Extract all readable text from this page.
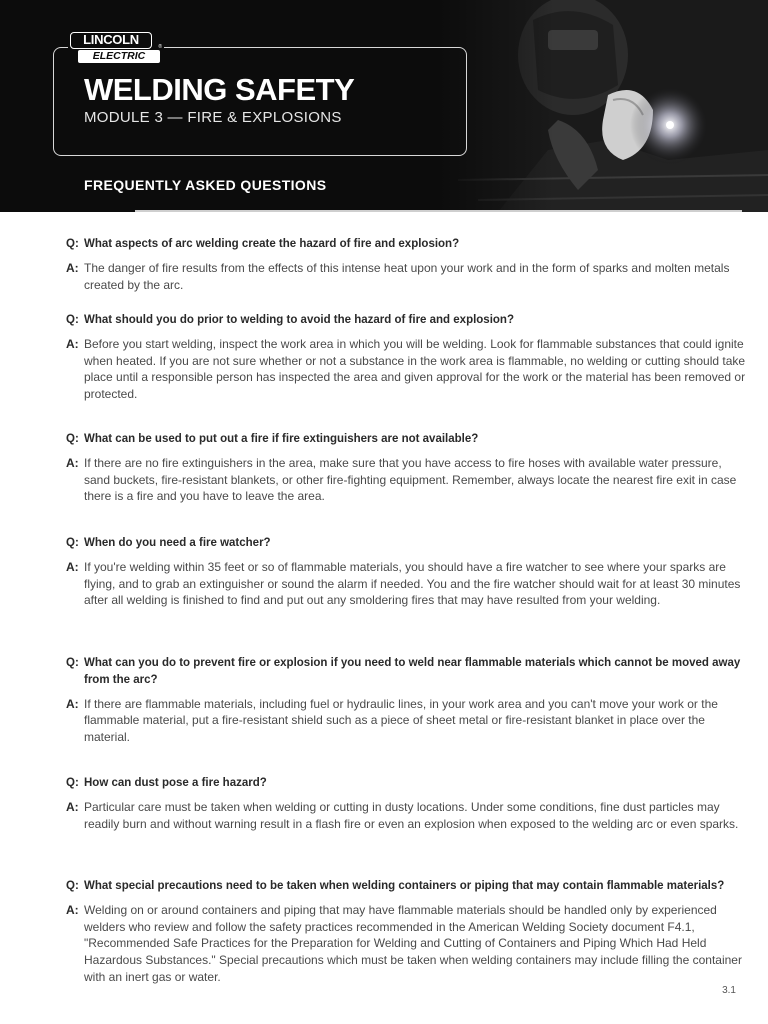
LINCOLN
ELECTRIC
®
WELDING SAFETY
MODULE 3 — FIRE & EXPLOSIONS
FREQUENTLY ASKED QUESTIONS
Q: What aspects of arc welding create the hazard of fire and explosion?
A: The danger of fire results from the effects of this intense heat upon your work and in the form of sparks and molten metals created by the arc.
Q: What should you do prior to welding to avoid the hazard of fire and explosion?
A: Before you start welding, inspect the work area in which you will be welding. Look for flammable substances that could ignite when heated. If you are not sure whether or not a substance in the work area is flammable, no welding or cutting should take place until a responsible person has inspected the area and given approval for the work or the material has been removed or protected.
Q: What can be used to put out a fire if fire extinguishers are not available?
A: If there are no fire extinguishers in the area, make sure that you have access to fire hoses with available water pressure, sand buckets, fire-resistant blankets, or other fire-fighting equipment. Remember, always locate the nearest fire exit in case there is a fire and you have to leave the area.
Q: When do you need a fire watcher?
A: If you're welding within 35 feet or so of flammable materials, you should have a fire watcher to see where your sparks are flying, and to grab an extinguisher or sound the alarm if needed. You and the fire watcher should wait for at least 30 minutes after all welding is finished to find and put out any smoldering fires that may have resulted from your welding.
Q: What can you do to prevent fire or explosion if you need to weld near flammable materials which cannot be moved away from the arc?
A: If there are flammable materials, including fuel or hydraulic lines, in your work area and you can't move your work or the flammable material, put a fire-resistant shield such as a piece of sheet metal or fire-resistant blanket in place over the material.
Q: How can dust pose a fire hazard?
A: Particular care must be taken when welding or cutting in dusty locations. Under some conditions, fine dust particles may readily burn and without warning result in a flash fire or even an explosion when exposed to the welding arc or even sparks.
Q: What special precautions need to be taken when welding containers or piping that may contain flammable materials?
A: Welding on or around containers and piping that may have flammable materials should be handled only by experienced welders who review and follow the safety practices recommended in the American Welding Society document F4.1, "Recommended Safe Practices for the Preparation for Welding and Cutting of Containers and Piping Which Had Held Hazardous Substances." Special precautions which must be taken when welding containers may include filling the container with an inert gas or water.
3.1
